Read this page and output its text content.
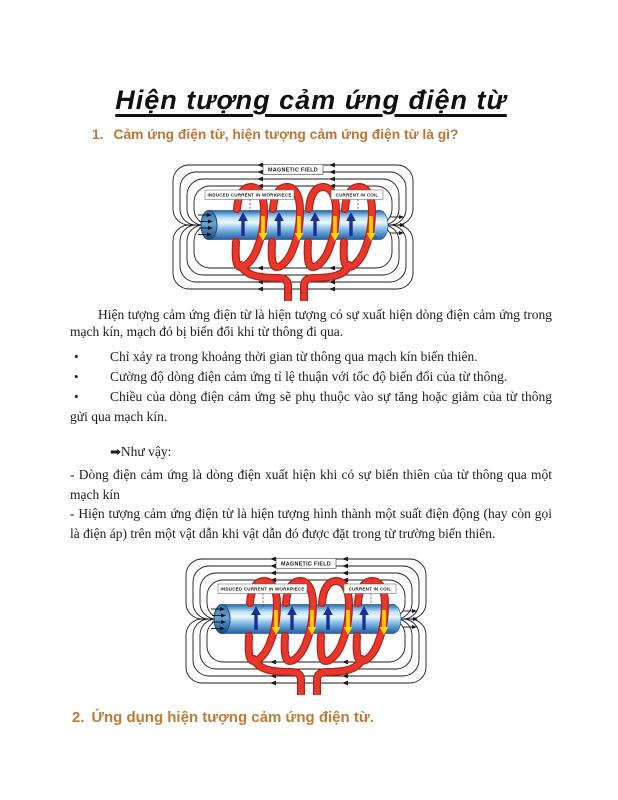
Hiện tượng cảm ứng điện từ
1. Cảm ứng điện từ, hiện tượng cảm ứng điện từ là gì?
MAGNETIC FIELD
INDUCED CURRENT IN WORKPIECE	CURRENT IN COIL
Hiện tượng cảm ứng điện từ là hiện tượng có sự xuất hiện dòng điện cảm ứng trong
mạch kín, mạch đó bị biến đổi khi từ thông đi qua.
•	Chỉ xảy ra trong khoảng thời gian từ thông qua mạch kín biến thiên.
•	Cường độ dòng điện cảm ứng tỉ lệ thuận với tốc độ biến đổi của từ thông.
•	Chiều của dòng điện cảm ứng sẽ phụ thuộc vào sự tăng hoặc giảm của từ thông
gửi qua mạch kín.
➡Như vậy:
- Dòng điện cảm ứng là dòng điện xuất hiện khi có sự biến thiên của từ thông qua một
mạch kín
- Hiện tượng cảm ứng điện từ là hiện tượng hình thành một suất điện động (hay còn gọi
là điện áp) trên một vật dẫn khi vật dẫn đó được đặt trong từ trường biến thiên.
MAGNETIC FIELD
INDUCED CURRENT IN WORKPIECE	CURRENT IN COIL
2. Ứng dụng hiện tượng cảm ứng điện từ.
